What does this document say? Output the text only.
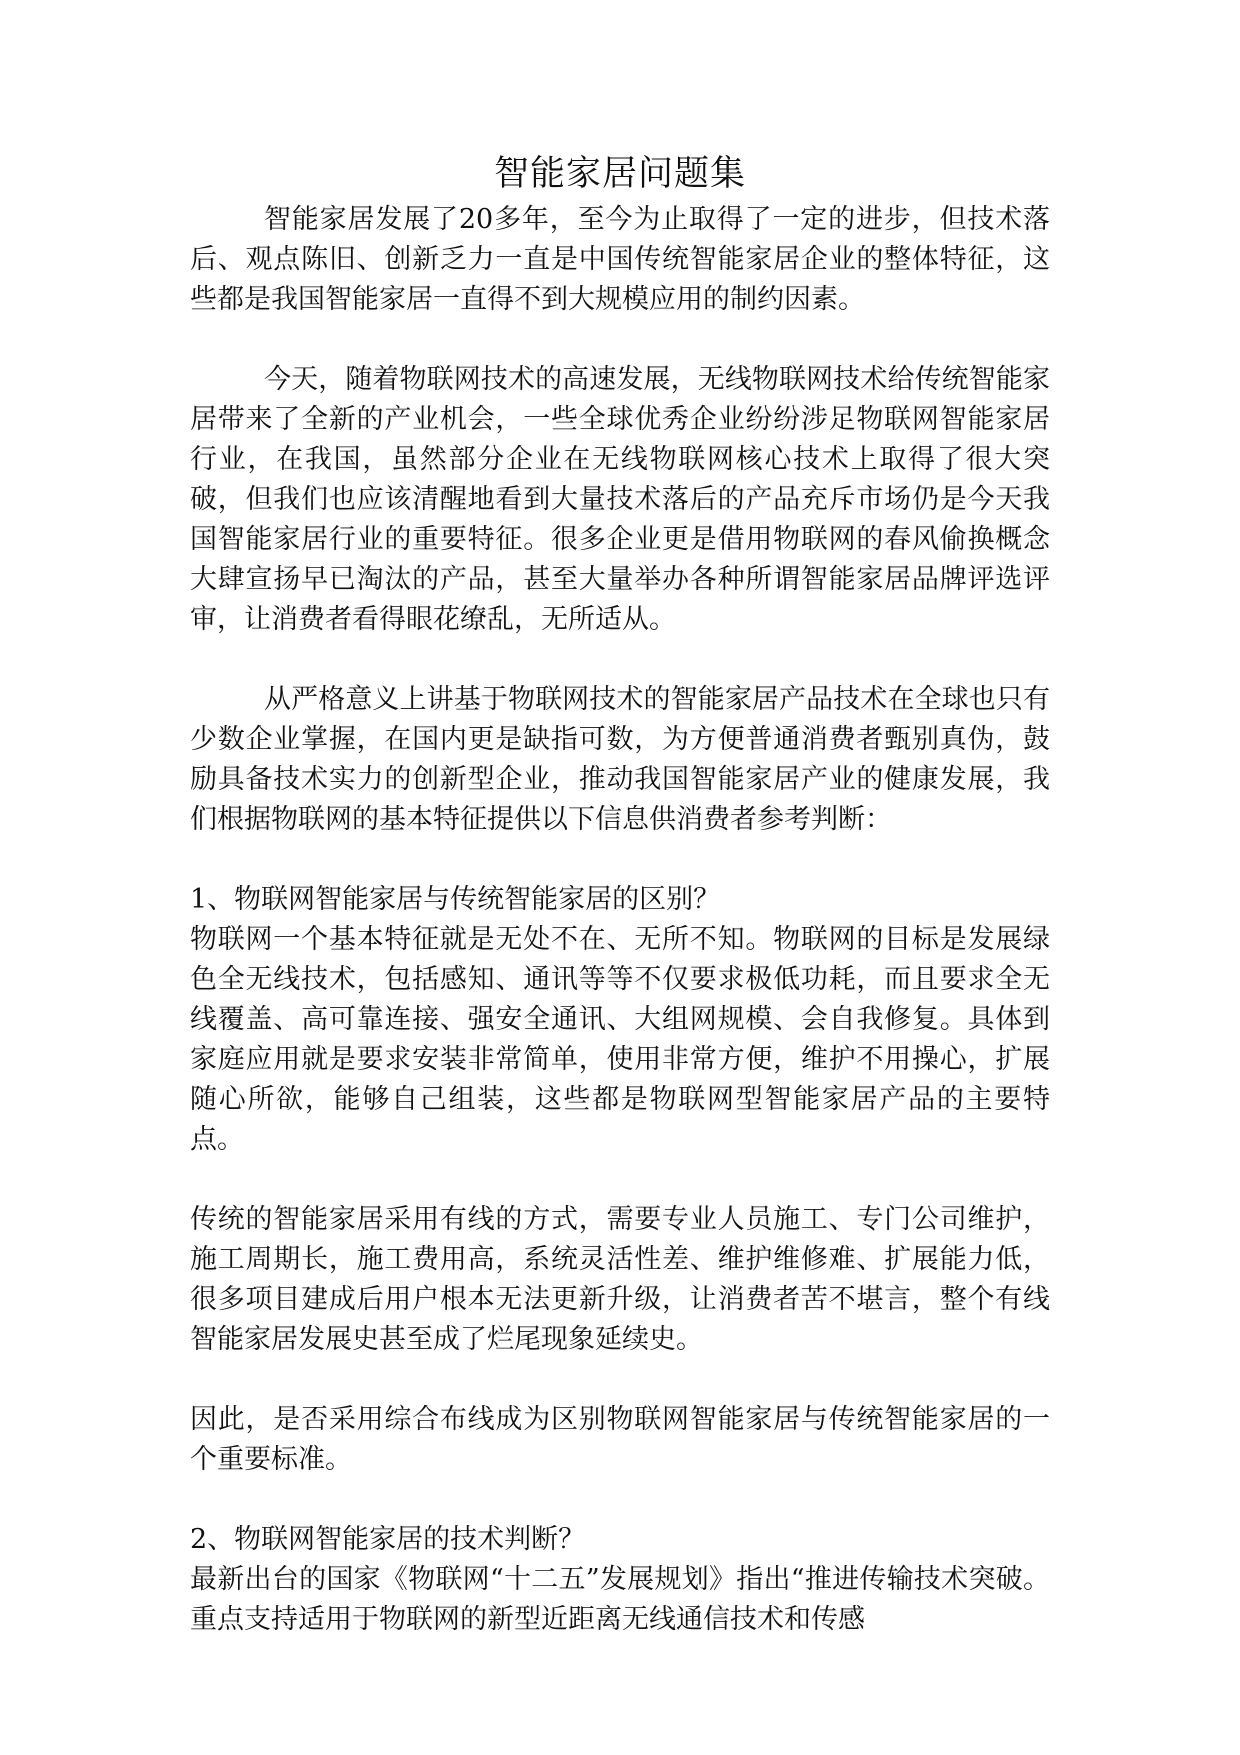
智能家居问题集

智能家居发展了20多年，至今为止取得了一定的进步，但技术落后、观点陈旧、创新乏力一直是中国传统智能家居企业的整体特征，这些都是我国智能家居一直得不到大规模应用的制约因素。

今天，随着物联网技术的高速发展，无线物联网技术给传统智能家居带来了全新的产业机会，一些全球优秀企业纷纷涉足物联网智能家居行业，在我国，虽然部分企业在无线物联网核心技术上取得了很大突破，但我们也应该清醒地看到大量技术落后的产品充斥市场仍是今天我国智能家居行业的重要特征。很多企业更是借用物联网的春风偷换概念大肆宣扬早已淘汰的产品，甚至大量举办各种所谓智能家居品牌评选评审，让消费者看得眼花缭乱，无所适从。

从严格意义上讲基于物联网技术的智能家居产品技术在全球也只有少数企业掌握，在国内更是缺指可数，为方便普通消费者甄别真伪，鼓励具备技术实力的创新型企业，推动我国智能家居产业的健康发展，我们根据物联网的基本特征提供以下信息供消费者参考判断：

1、物联网智能家居与传统智能家居的区别？

物联网一个基本特征就是无处不在、无所不知。物联网的目标是发展绿色全无线技术，包括感知、通讯等等不仅要求极低功耗，而且要求全无线覆盖、高可靠连接、强安全通讯、大组网规模、会自我修复。具体到家庭应用就是要求安装非常简单，使用非常方便，维护不用操心，扩展随心所欲，能够自己组装，这些都是物联网型智能家居产品的主要特点。

传统的智能家居采用有线的方式，需要专业人员施工、专门公司维护，施工周期长，施工费用高，系统灵活性差、维护维修难、扩展能力低，很多项目建成后用户根本无法更新升级，让消费者苦不堪言，整个有线智能家居发展史甚至成了烂尾现象延续史。

因此，是否采用综合布线成为区别物联网智能家居与传统智能家居的一个重要标准。

2、物联网智能家居的技术判断？

最新出台的国家《物联网“十二五”发展规划》指出“推进传输技术突破。重点支持适用于物联网的新型近距离无线通信技术和传感
